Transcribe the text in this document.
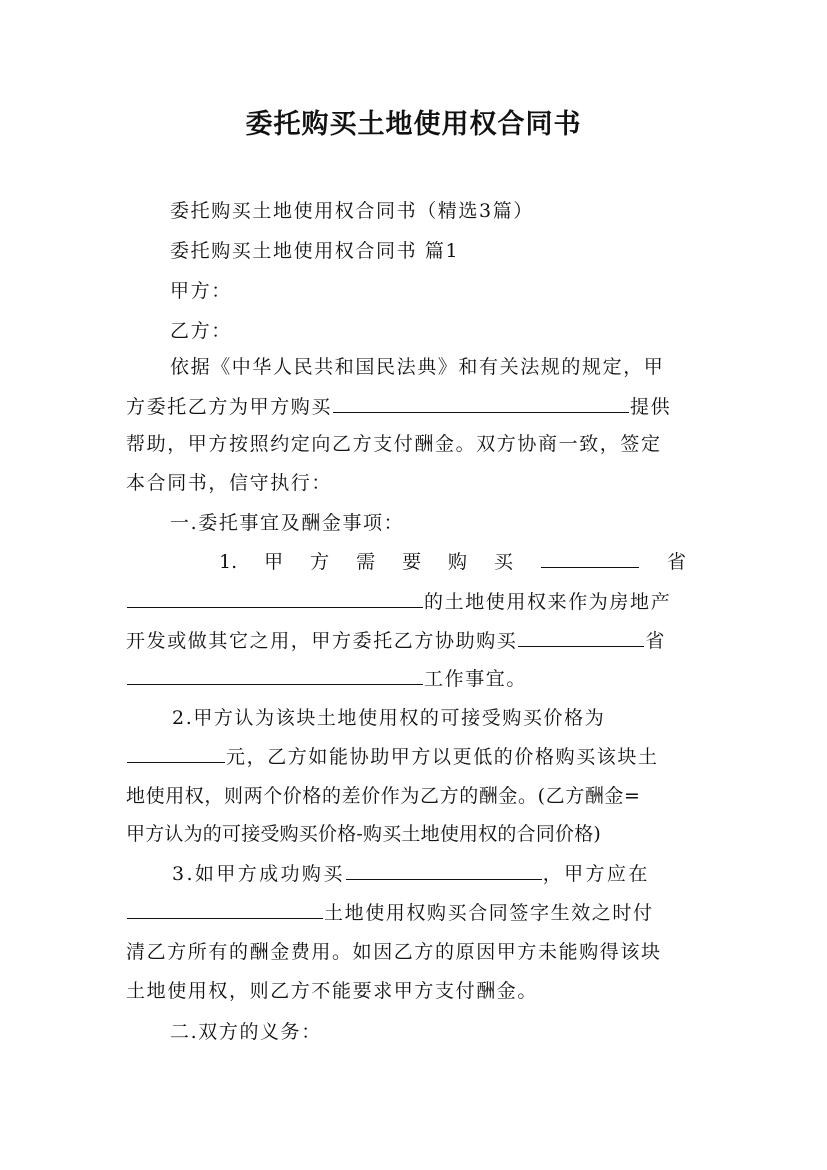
委托购买土地使用权合同书
委托购买土地使用权合同书（精选3篇）
委托购买土地使用权合同书 篇1
甲方：
乙方：
依据《中华人民共和国民法典》和有关法规的规定，甲
方委托乙方为甲方购买	提供
帮助，甲方按照约定向乙方支付酬金。双方协商一致，签定
本合同书，信守执行：
一.委托事宜及酬金事项：
1. 甲 方 需 要 购 买	省
的土地使用权来作为房地产
开发或做其它之用，甲方委托乙方协助购买	省
工作事宜。
2.甲方认为该块土地使用权的可接受购买价格为
元，乙方如能协助甲方以更低的价格购买该块土
地使用权，则两个价格的差价作为乙方的酬金。(乙方酬金=
甲方认为的可接受购买价格-购买土地使用权的合同价格)
3.如甲方成功购买	，甲方应在
土地使用权购买合同签字生效之时付
清乙方所有的酬金费用。如因乙方的原因甲方未能购得该块
土地使用权，则乙方不能要求甲方支付酬金。
二.双方的义务：
